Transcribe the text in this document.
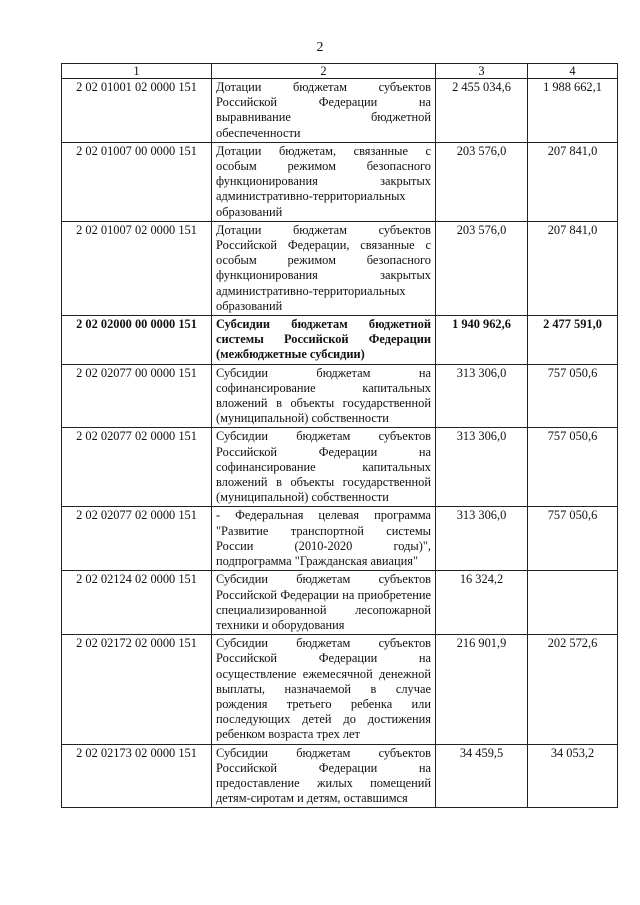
2
1	2	3	4
2 02 01001 02 0000 151	Дотации бюджетам субъектов Российской Федерации на выравнивание бюджетной обеспеченности	2 455 034,6	1 988 662,1
2 02 01007 00 0000 151	Дотации бюджетам, связанные с особым режимом безопасного функционирования закрытых административно-территориальных образований	203 576,0	207 841,0
2 02 01007 02 0000 151	Дотации бюджетам субъектов Российской Федерации, связанные с особым режимом безопасного функционирования закрытых административно-территориальных образований	203 576,0	207 841,0
2 02 02000 00 0000 151	Субсидии бюджетам бюджетной системы Российской Федерации (межбюджетные субсидии)	1 940 962,6	2 477 591,0
2 02 02077 00 0000 151	Субсидии бюджетам на софинансирование капитальных вложений в объекты государственной (муниципальной) собственности	313 306,0	757 050,6
2 02 02077 02 0000 151	Субсидии бюджетам субъектов Российской Федерации на софинансирование капитальных вложений в объекты государственной (муниципальной) собственности	313 306,0	757 050,6
2 02 02077 02 0000 151	- Федеральная целевая программа "Развитие транспортной системы России (2010-2020 годы)", подпрограмма "Гражданская авиация"	313 306,0	757 050,6
2 02 02124 02 0000 151	Субсидии бюджетам субъектов Российской Федерации на приобретение специализированной лесопожарной техники и оборудования	16 324,2	
2 02 02172 02 0000 151	Субсидии бюджетам субъектов Российской Федерации на осуществление ежемесячной денежной выплаты, назначаемой в случае рождения третьего ребенка или последующих детей до достижения ребенком возраста трех лет	216 901,9	202 572,6
2 02 02173 02 0000 151	Субсидии бюджетам субъектов Российской Федерации на предоставление жилых помещений детям-сиротам и детям, оставшимся	34 459,5	34 053,2
